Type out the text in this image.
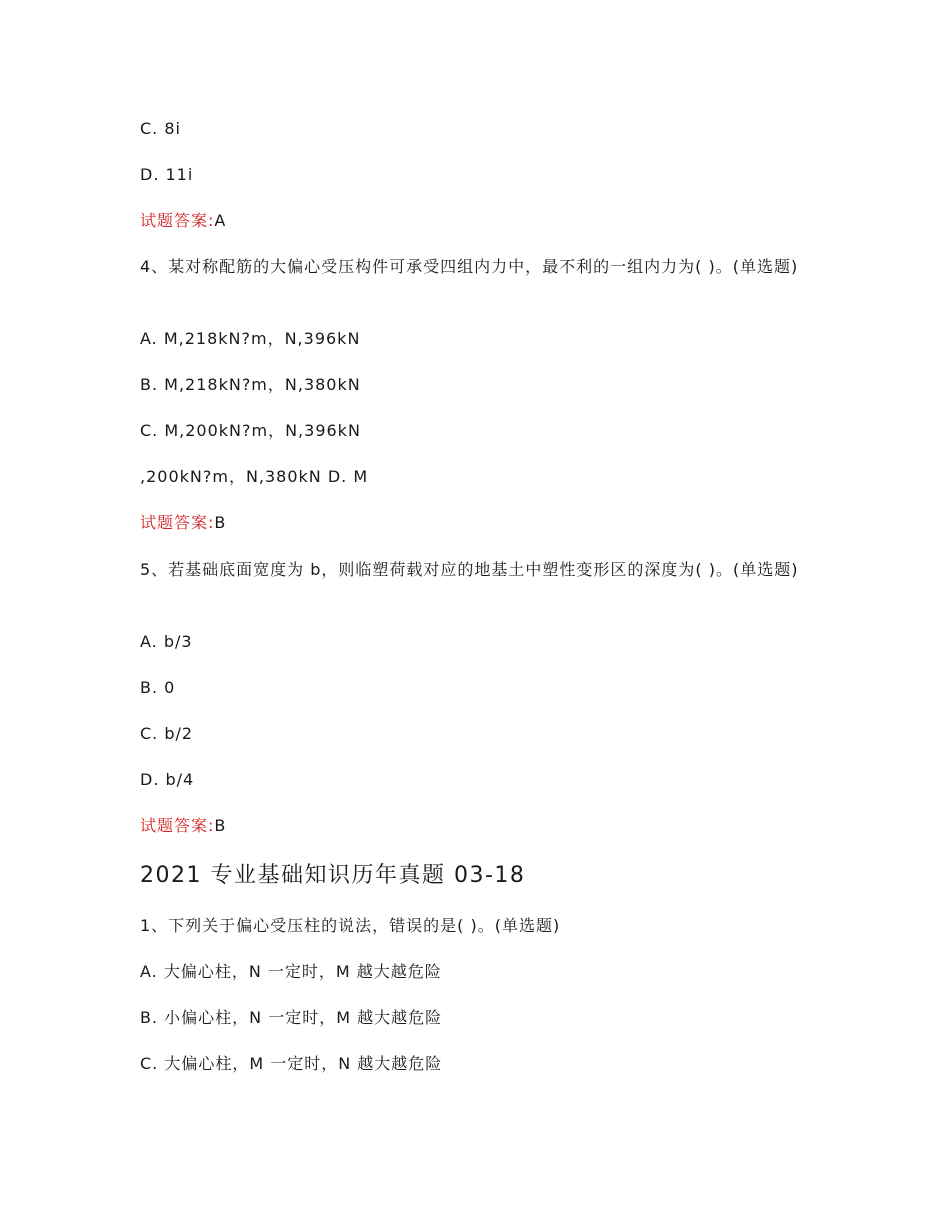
C. 8i
D. 11i
试题答案:A
4、某对称配筋的大偏心受压构件可承受四组内力中，最不利的一组内力为( )。(单选题)
A. M,218kN?m，N,396kN
B. M,218kN?m，N,380kN
C. M,200kN?m，N,396kN
,200kN?m，N,380kN D. M
试题答案:B
5、若基础底面宽度为 b，则临塑荷载对应的地基土中塑性变形区的深度为( )。(单选题)
A. b/3
B. 0
C. b/2
D. b/4
试题答案:B
2021 专业基础知识历年真题 03-18
1、下列关于偏心受压柱的说法，错误的是( )。(单选题)
A. 大偏心柱，N 一定时，M 越大越危险
B. 小偏心柱，N 一定时，M 越大越危险
C. 大偏心柱，M 一定时，N 越大越危险
